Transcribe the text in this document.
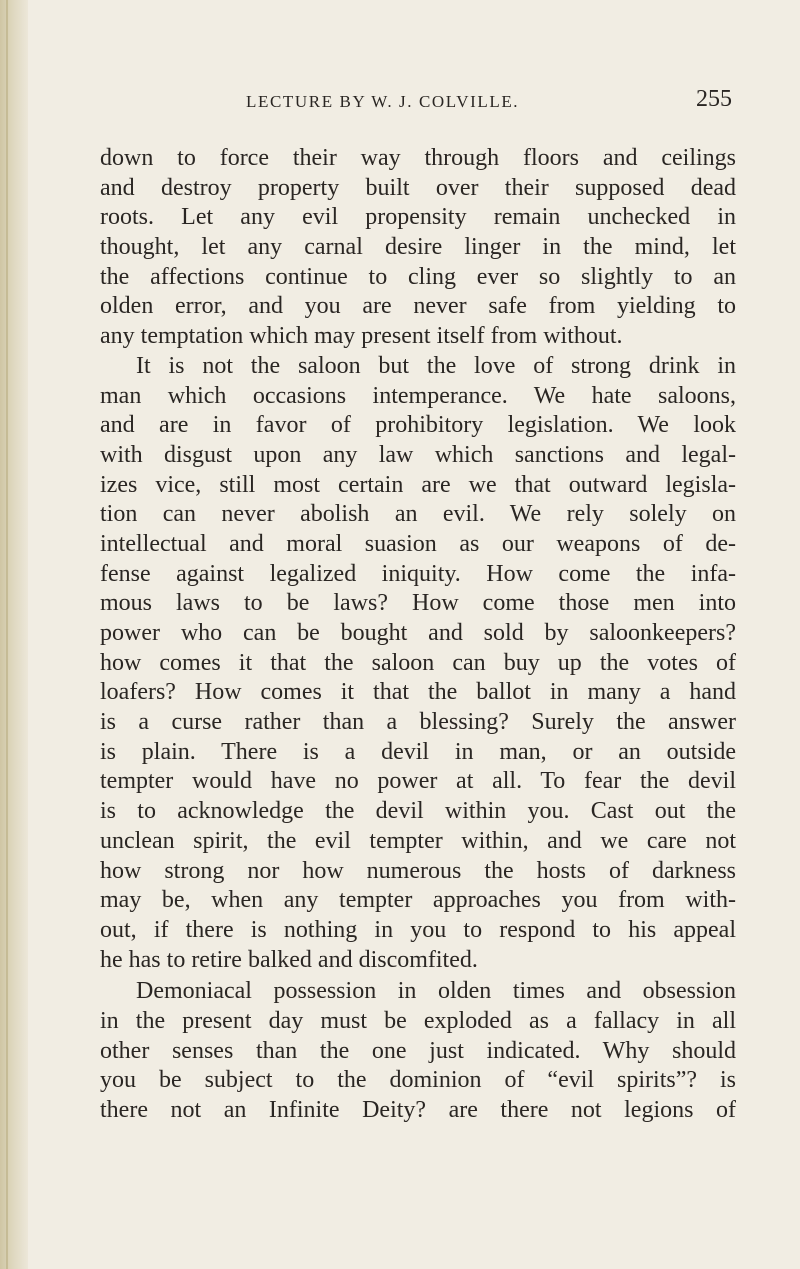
LECTURE BY W. J. COLVILLE.	255
down to force their way through floors and ceilings
and destroy property built over their supposed dead
roots. Let any evil propensity remain unchecked in
thought, let any carnal desire linger in the mind, let
the affections continue to cling ever so slightly to an
olden error, and you are never safe from yielding to
any temptation which may present itself from without.
It is not the saloon but the love of strong drink in
man which occasions intemperance. We hate saloons,
and are in favor of prohibitory legislation. We look
with disgust upon any law which sanctions and legal-
izes vice, still most certain are we that outward legisla-
tion can never abolish an evil. We rely solely on
intellectual and moral suasion as our weapons of de-
fense against legalized iniquity. How come the infa-
mous laws to be laws? How come those men into
power who can be bought and sold by saloonkeepers?
how comes it that the saloon can buy up the votes of
loafers? How comes it that the ballot in many a hand
is a curse rather than a blessing? Surely the answer
is plain. There is a devil in man, or an outside
tempter would have no power at all. To fear the devil
is to acknowledge the devil within you. Cast out the
unclean spirit, the evil tempter within, and we care not
how strong nor how numerous the hosts of darkness
may be, when any tempter approaches you from with-
out, if there is nothing in you to respond to his appeal
he has to retire balked and discomfited.
Demoniacal possession in olden times and obsession
in the present day must be exploded as a fallacy in all
other senses than the one just indicated. Why should
you be subject to the dominion of “evil spirits”? is
there not an Infinite Deity? are there not legions of
